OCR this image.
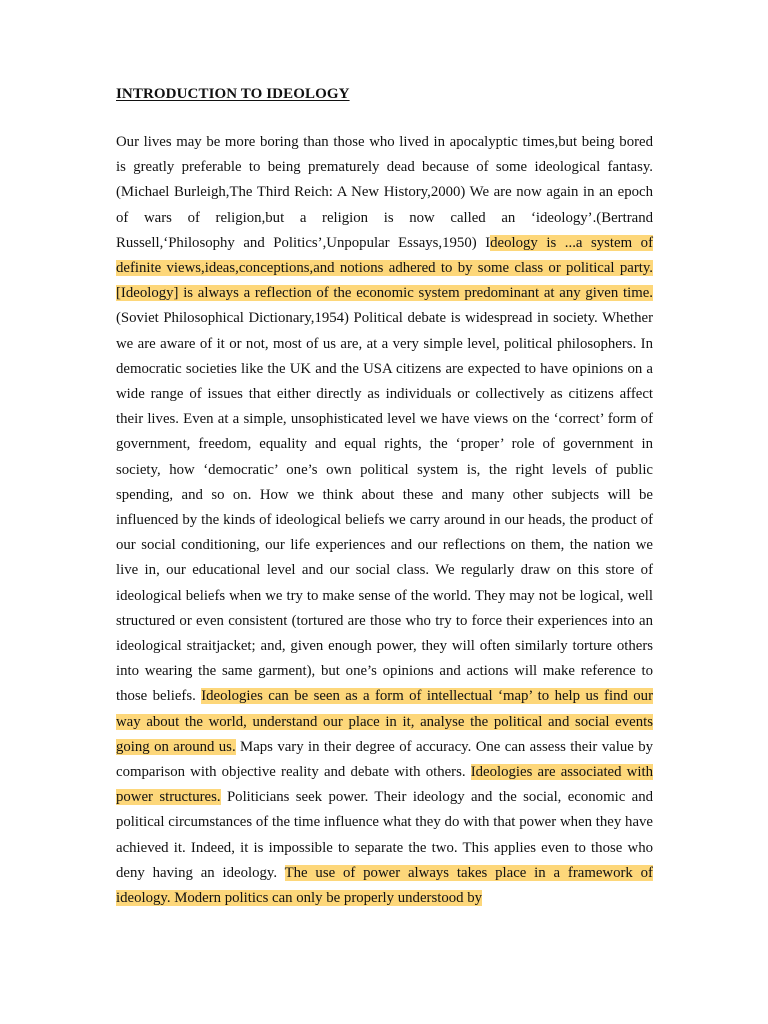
INTRODUCTION TO IDEOLOGY

Our lives may be more boring than those who lived in apocalyptic times,but being bored is greatly preferable to being prematurely dead because of some ideological fantasy.(Michael Burleigh,The Third Reich: A New History,2000) We are now again in an epoch of wars of religion,but a religion is now called an ‘ideology’.(Bertrand Russell,‘Philosophy and Politics’,Unpopular Essays,1950) Ideology is ...a system of definite views,ideas,conceptions,and notions adhered to by some class or political party.[Ideology] is always a reflection of the economic system predominant at any given time.(Soviet Philosophical Dictionary,1954) Political debate is widespread in society. Whether we are aware of it or not, most of us are, at a very simple level, political philosophers. In democratic societies like the UK and the USA citizens are expected to have opinions on a wide range of issues that either directly as individuals or collectively as citizens affect their lives. Even at a simple, unsophisticated level we have views on the ‘correct’ form of government, freedom, equality and equal rights, the ‘proper’ role of government in society, how ‘democratic’ one’s own political system is, the right levels of public spending, and so on. How we think about these and many other subjects will be influenced by the kinds of ideological beliefs we carry around in our heads, the product of our social conditioning, our life experiences and our reflections on them, the nation we live in, our educational level and our social class. We regularly draw on this store of ideological beliefs when we try to make sense of the world. They may not be logical, well structured or even consistent (tortured are those who try to force their experiences into an ideological straitjacket; and, given enough power, they will often similarly torture others into wearing the same garment), but one’s opinions and actions will make reference to those beliefs. Ideologies can be seen as a form of intellectual ‘map’ to help us find our way about the world, understand our place in it, analyse the political and social events going on around us. Maps vary in their degree of accuracy. One can assess their value by comparison with objective reality and debate with others. Ideologies are associated with power structures. Politicians seek power. Their ideology and the social, economic and political circumstances of the time influence what they do with that power when they have achieved it. Indeed, it is impossible to separate the two. This applies even to those who deny having an ideology. The use of power always takes place in a framework of ideology. Modern politics can only be properly understood by
